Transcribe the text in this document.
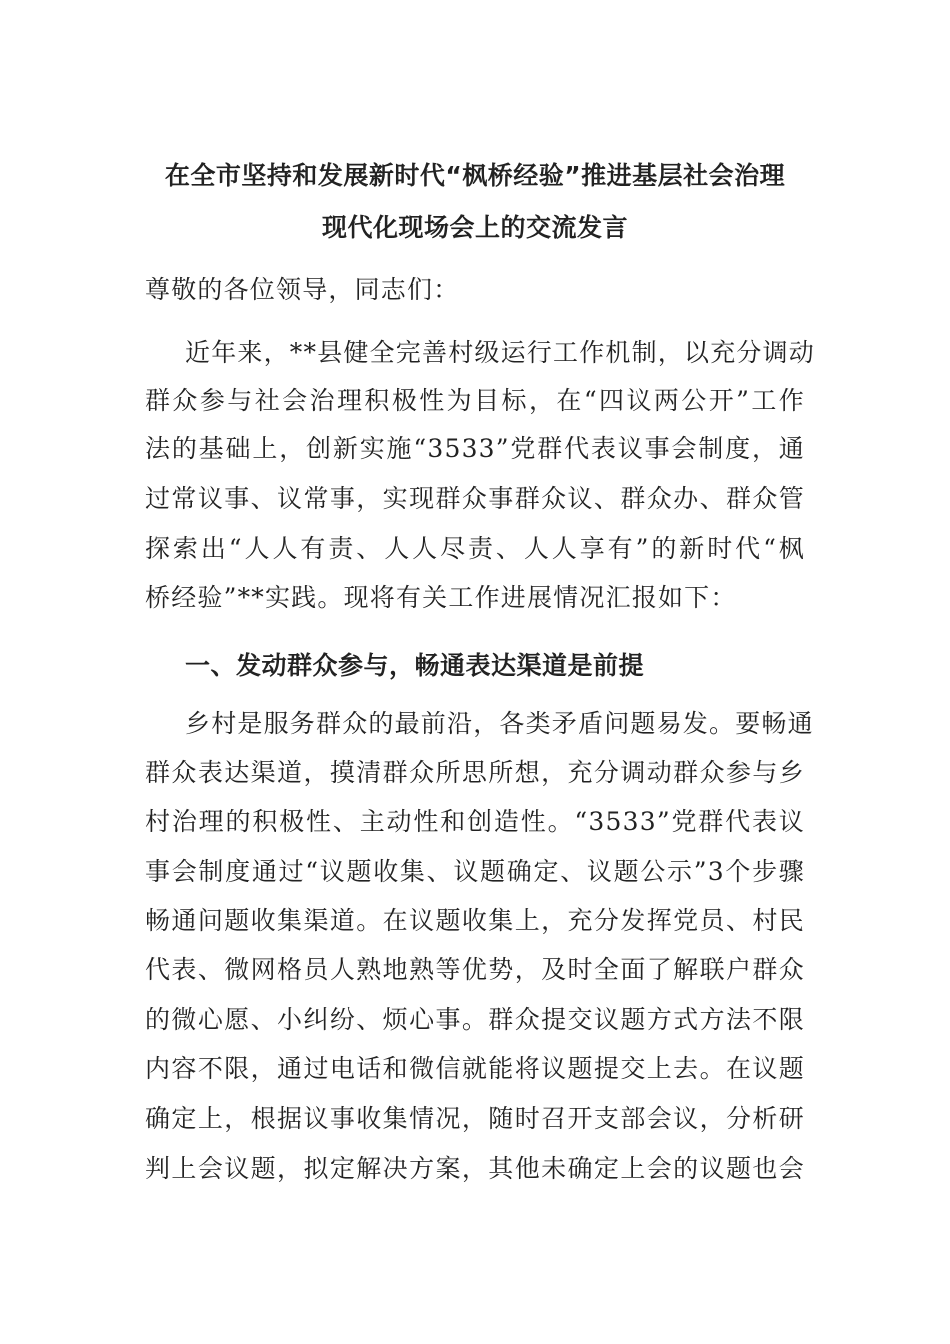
在全市坚持和发展新时代“枫桥经验”推进基层社会治理
现代化现场会上的交流发言
尊敬的各位领导，同志们：
近年来，**县健全完善村级运行工作机制，以充分调动
群众参与社会治理积极性为目标，在“四议两公开”工作
法的基础上，创新实施“3533”党群代表议事会制度，通
过常议事、议常事，实现群众事群众议、群众办、群众管
探索出“人人有责、人人尽责、人人享有”的新时代“枫
桥经验”**实践。现将有关工作进展情况汇报如下：
一、发动群众参与，畅通表达渠道是前提
乡村是服务群众的最前沿，各类矛盾问题易发。要畅通
群众表达渠道，摸清群众所思所想，充分调动群众参与乡
村治理的积极性、主动性和创造性。“3533”党群代表议
事会制度通过“议题收集、议题确定、议题公示”3个步骤
畅通问题收集渠道。在议题收集上，充分发挥党员、村民
代表、微网格员人熟地熟等优势，及时全面了解联户群众
的微心愿、小纠纷、烦心事。群众提交议题方式方法不限
内容不限，通过电话和微信就能将议题提交上去。在议题
确定上，根据议事收集情况，随时召开支部会议，分析研
判上会议题，拟定解决方案，其他未确定上会的议题也会
